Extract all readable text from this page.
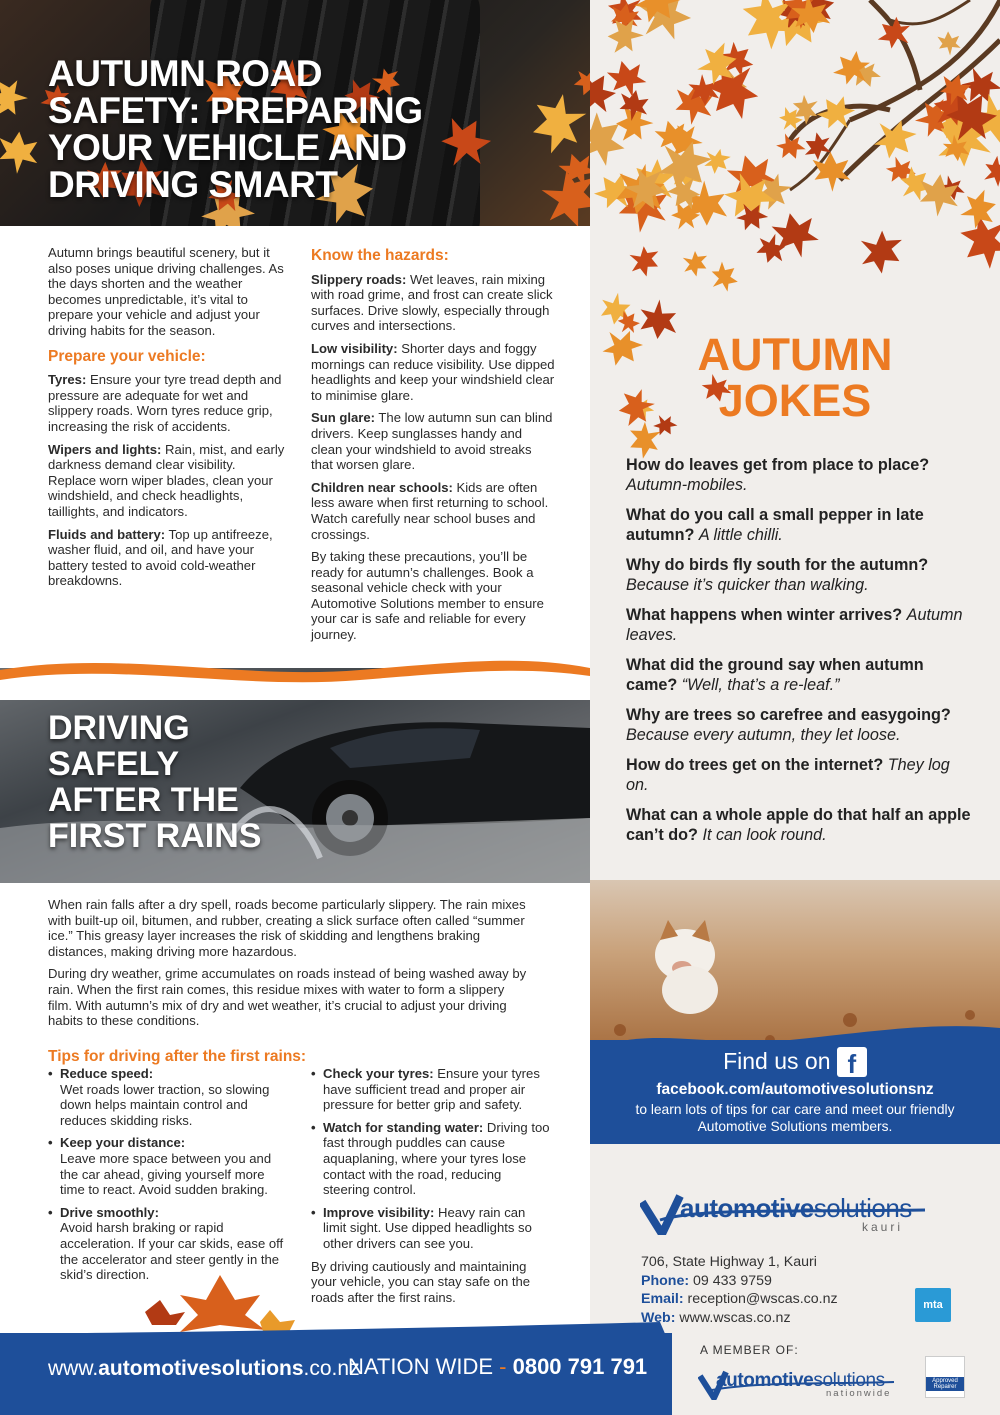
AUTUMN ROAD SAFETY: PREPARING YOUR VEHICLE AND DRIVING SMART

Autumn brings beautiful scenery, but it also poses unique driving challenges. As the days shorten and the weather becomes unpredictable, it’s vital to prepare your vehicle and adjust your driving habits for the season.

Prepare your vehicle:

Tyres: Ensure your tyre tread depth and pressure are adequate for wet and slippery roads. Worn tyres reduce grip, increasing the risk of accidents.

Wipers and lights: Rain, mist, and early darkness demand clear visibility. Replace worn wiper blades, clean your windshield, and check headlights, taillights, and indicators.

Fluids and battery: Top up antifreeze, washer fluid, and oil, and have your battery tested to avoid cold-weather breakdowns.

Know the hazards:

Slippery roads: Wet leaves, rain mixing with road grime, and frost can create slick surfaces. Drive slowly, especially through curves and intersections.

Low visibility: Shorter days and foggy mornings can reduce visibility. Use dipped headlights and keep your windshield clear to minimise glare.

Sun glare: The low autumn sun can blind drivers. Keep sunglasses handy and clean your windshield to avoid streaks that worsen glare.

Children near schools: Kids are often less aware when first returning to school. Watch carefully near school buses and crossings.

By taking these precautions, you’ll be ready for autumn’s challenges. Book a seasonal vehicle check with your Automotive Solutions member to ensure your car is safe and reliable for every journey.

DRIVING SAFELY AFTER THE FIRST RAINS

When rain falls after a dry spell, roads become particularly slippery. The rain mixes with built-up oil, bitumen, and rubber, creating a slick surface often called “summer ice.” This greasy layer increases the risk of skidding and lengthens braking distances, making driving more hazardous.

During dry weather, grime accumulates on roads instead of being washed away by rain. When the first rain comes, this residue mixes with water to form a slippery film. With autumn’s mix of dry and wet weather, it’s crucial to adjust your driving habits to these conditions.

Tips for driving after the first rains:
• Reduce speed:
Wet roads lower traction, so slowing down helps maintain control and reduces skidding risks.
• Keep your distance:
Leave more space between you and the car ahead, giving yourself more time to react. Avoid sudden braking.
• Drive smoothly:
Avoid harsh braking or rapid acceleration. If your car skids, ease off the accelerator and steer gently in the skid’s direction.
• Check your tyres: Ensure your tyres have sufficient tread and proper air pressure for better grip and safety.
• Watch for standing water: Driving too fast through puddles can cause aquaplaning, where your tyres lose contact with the road, reducing steering control.
• Improve visibility: Heavy rain can limit sight. Use dipped headlights so other drivers can see you.

By driving cautiously and maintaining your vehicle, you can stay safe on the roads after the first rains.

www.automotivesolutions.co.nz
NATION WIDE - 0800 791 791
AUTUMN
JOKES
How do leaves get from place to place? Autumn-mobiles.
What do you call a small pepper in late autumn? A little chilli.
Why do birds fly south for the autumn? Because it’s quicker than walking.
What happens when winter arrives? Autumn leaves.
What did the ground say when autumn came? “Well, that’s a re-leaf.”
Why are trees so carefree and easygoing? Because every autumn, they let loose.
How do trees get on the internet? They log on.
What can a whole apple do that half an apple can’t do? It can look round.
Find us on f
facebook.com/automotivesolutionsnz
to learn lots of tips for car care and meet our friendly Automotive Solutions members.
automotivesolutions
kauri
706, State Highway 1, Kauri
Phone: 09 433 9759
Email: reception@wscas.co.nz
Web: www.wscas.co.nz
mta
A MEMBER OF:
automotivesolutions
nationwide
Approved Repairer
